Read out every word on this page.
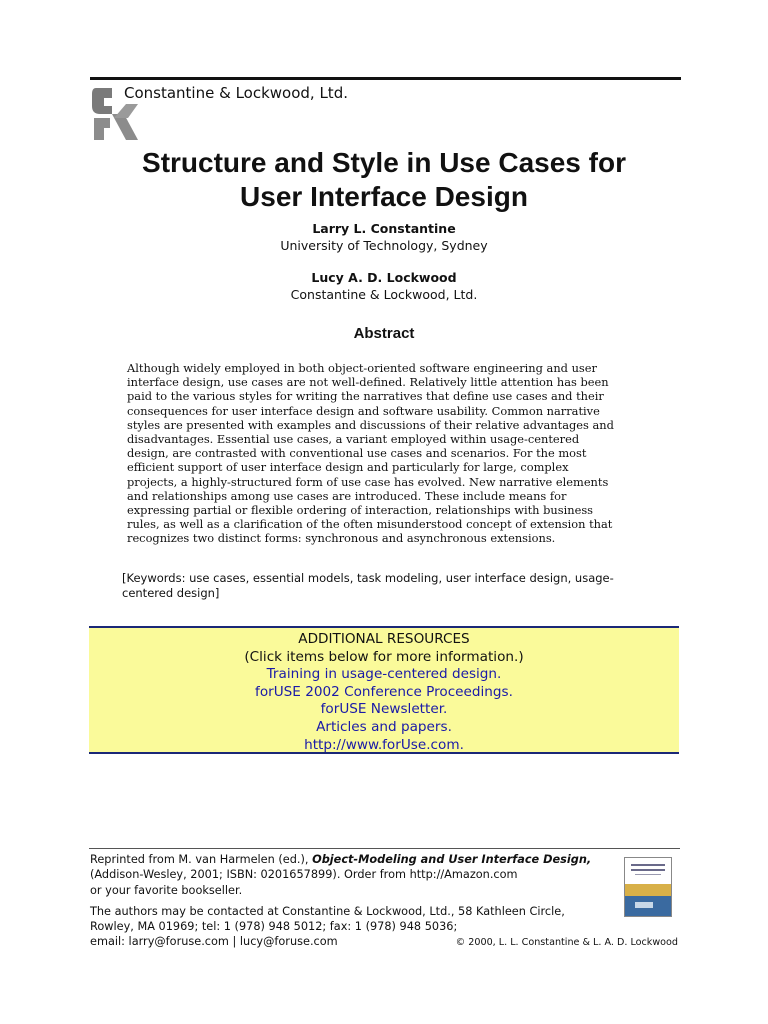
Constantine & Lockwood, Ltd.
Structure and Style in Use Cases for
User Interface Design
Larry L. Constantine
University of Technology, Sydney
Lucy A. D. Lockwood
Constantine & Lockwood, Ltd.
Abstract
Although widely employed in both object-oriented software engineering and user
interface design, use cases are not well-defined. Relatively little attention has been
paid to the various styles for writing the narratives that define use cases and their
consequences for user interface design and software usability. Common narrative
styles are presented with examples and discussions of their relative advantages and
disadvantages. Essential use cases, a variant employed within usage-centered
design, are contrasted with conventional use cases and scenarios. For the most
efficient support of user interface design and particularly for large, complex
projects, a highly-structured form of use case has evolved. New narrative elements
and relationships among use cases are introduced. These include means for
expressing partial or flexible ordering of interaction, relationships with business
rules, as well as a clarification of the often misunderstood concept of extension that
recognizes two distinct forms: synchronous and asynchronous extensions.
[Keywords: use cases, essential models, task modeling, user interface design, usage-
centered design]
ADDITIONAL RESOURCES
(Click items below for more information.)
Training in usage-centered design.
forUSE 2002 Conference Proceedings.
forUSE Newsletter.
Articles and papers.
http://www.forUse.com.
Reprinted from M. van Harmelen (ed.), Object-Modeling and User Interface Design,
(Addison-Wesley, 2001; ISBN: 0201657899). Order from http://Amazon.com
or your favorite bookseller.
The authors may be contacted at Constantine & Lockwood, Ltd., 58 Kathleen Circle,
Rowley, MA 01969; tel: 1 (978) 948 5012; fax: 1 (978) 948 5036;
email: larry@foruse.com | lucy@foruse.com	© 2000, L. L. Constantine & L. A. D. Lockwood
